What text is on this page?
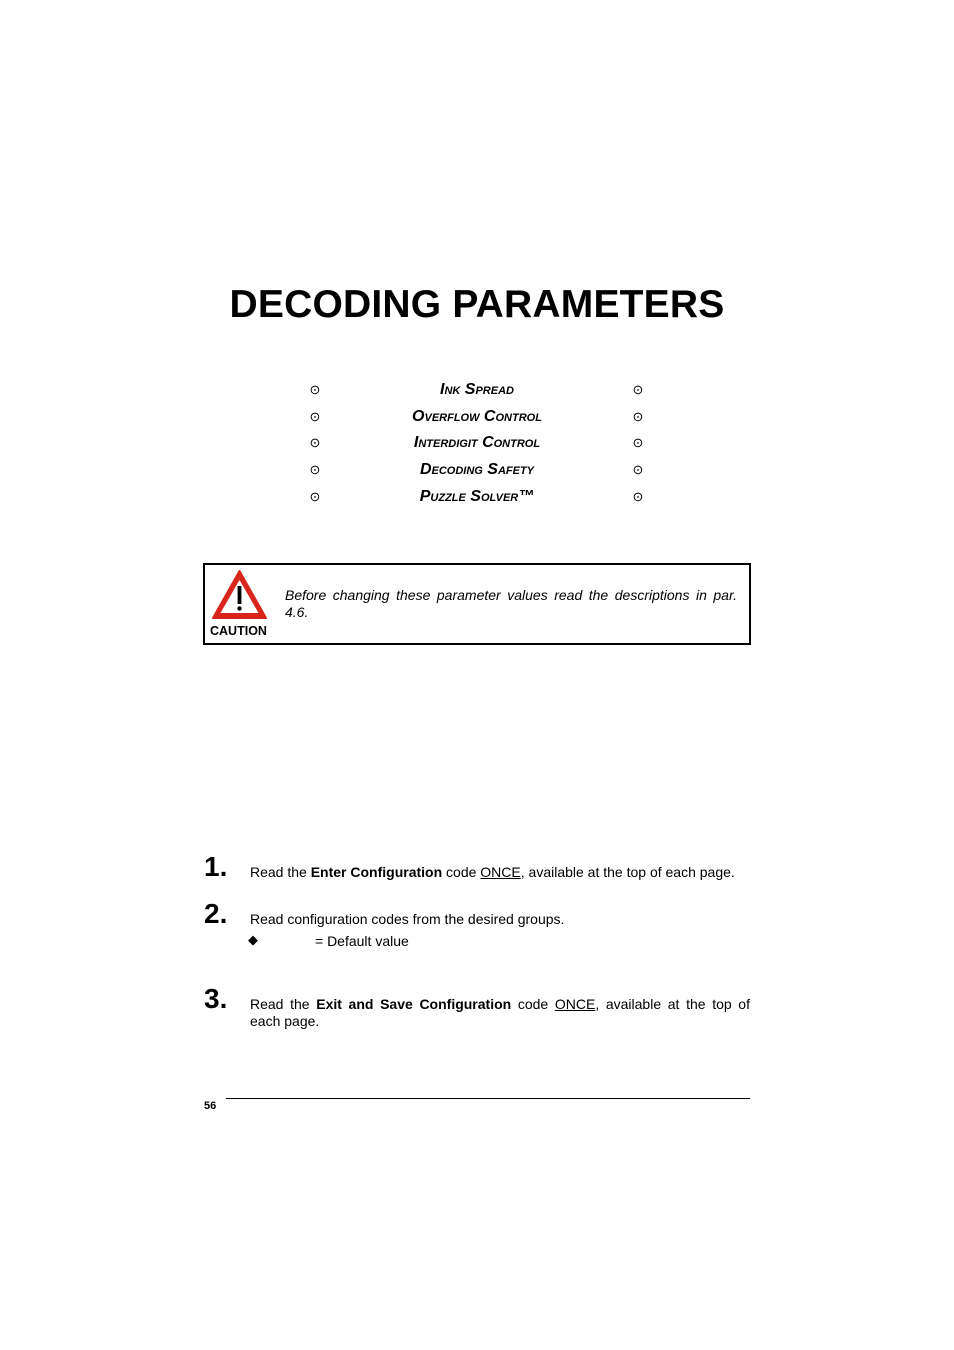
DECODING PARAMETERS
⊙	Ink Spread	⊙
⊙	Overflow Control	⊙
⊙	Interdigit Control	⊙
⊙	Decoding Safety	⊙
⊙	Puzzle Solver™	⊙
CAUTION
Before changing these parameter values read the descriptions in par. 4.6.
1. Read the Enter Configuration code ONCE, available at the top of each page.
2. Read configuration codes from the desired groups.
◆	= Default value
3. Read the Exit and Save Configuration code ONCE, available at the top of each page.
56
